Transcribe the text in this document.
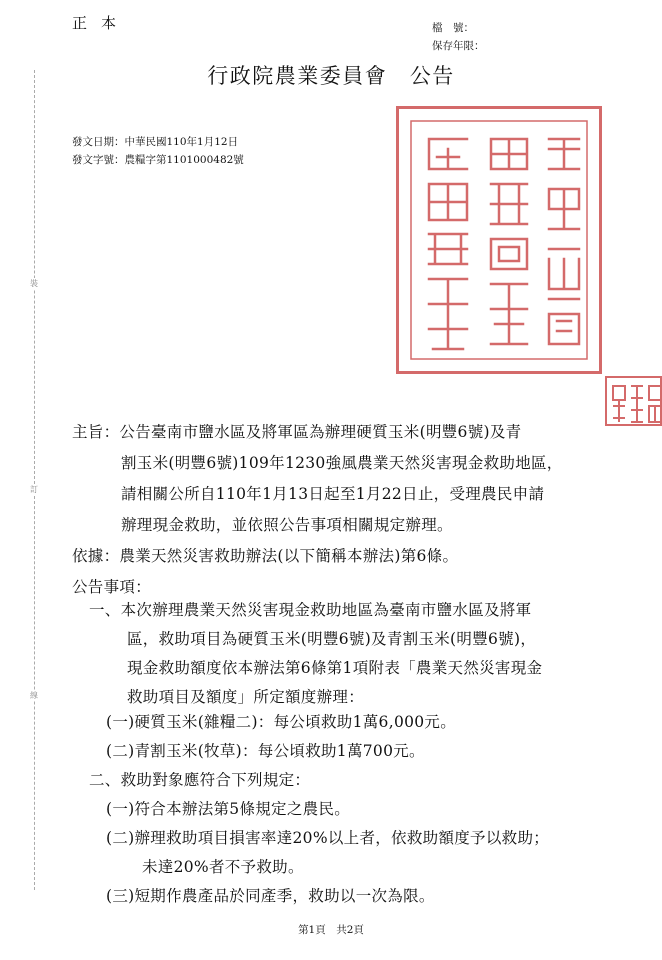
正本	檔　號：
保存年限：
行政院農業委員會　公告
發文日期：中華民國110年1月12日
發文字號：農糧字第1101000482號
裝
訂
線
主旨：公告臺南市鹽水區及將軍區為辦理硬質玉米(明豐6號)及青
割玉米(明豐6號)109年1230強風農業天然災害現金救助地區，
請相關公所自110年1月13日起至1月22日止，受理農民申請
辦理現金救助，並依照公告事項相關規定辦理。
依據：農業天然災害救助辦法(以下簡稱本辦法)第6條。
公告事項：
一、本次辦理農業天然災害現金救助地區為臺南市鹽水區及將軍
區，救助項目為硬質玉米(明豐6號)及青割玉米(明豐6號)，
現金救助額度依本辦法第6條第1項附表「農業天然災害現金
救助項目及額度」所定額度辦理：
(一)硬質玉米(雜糧二)：每公頃救助1萬6,000元。
(二)青割玉米(牧草)：每公頃救助1萬700元。
二、救助對象應符合下列規定：
(一)符合本辦法第5條規定之農民。
(二)辦理救助項目損害率達20%以上者，依救助額度予以救助；
未達20%者不予救助。
(三)短期作農產品於同產季，救助以一次為限。
第1頁　共2頁
